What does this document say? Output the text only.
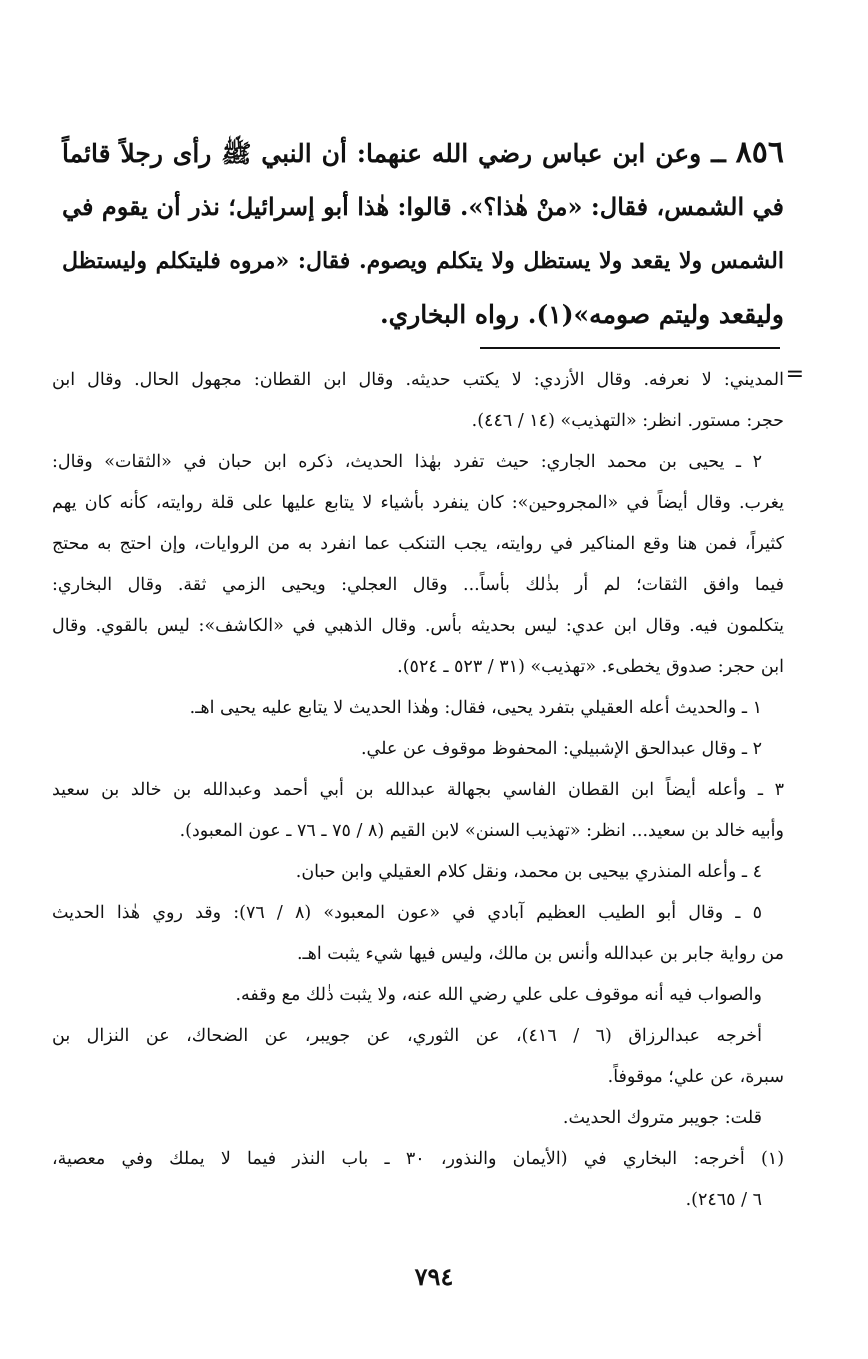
٨٥٦ ــ وعن ابن عباس رضي الله عنهما: أن النبي ﷺ رأى رجلاً قائماً
في الشمس، فقال: «منْ هٰذا؟». قالوا: هٰذا أبو إسرائيل؛ نذر أن يقوم في
الشمس ولا يقعد ولا يستظل ولا يتكلم ويصوم. فقال: «مروه فليتكلم وليستظل
وليقعد وليتم صومه»(١). رواه البخاري.
=
المديني: لا نعرفه. وقال الأزدي: لا يكتب حديثه. وقال ابن القطان: مجهول الحال. وقال ابن
حجر: مستور. انظر: «التهذيب» (١٤ / ٤٤٦).
٢ ـ يحيى بن محمد الجاري: حيث تفرد بهٰذا الحديث، ذكره ابن حبان في «الثقات» وقال:
يغرب. وقال أيضاً في «المجروحين»: كان ينفرد بأشياء لا يتابع عليها على قلة روايته، كأنه كان يهم
كثيراً، فمن هنا وقع المناكير في روايته، يجب التنكب عما انفرد به من الروايات، وإن احتج به محتج
فيما وافق الثقات؛ لم أر بذٰلك بأساً... وقال العجلي: ويحيى الزمي ثقة. وقال البخاري:
يتكلمون فيه. وقال ابن عدي: ليس بحديثه بأس. وقال الذهبي في «الكاشف»: ليس بالقوي. وقال
ابن حجر: صدوق يخطىء. «تهذيب» (٣١ / ٥٢٣ ـ ٥٢٤).
١ ـ والحديث أعله العقيلي بتفرد يحيى، فقال: وهٰذا الحديث لا يتابع عليه يحيى اهـ.
٢ ـ وقال عبدالحق الإشبيلي: المحفوظ موقوف عن علي.
٣ ـ وأعله أيضاً ابن القطان الفاسي بجهالة عبدالله بن أبي أحمد وعبدالله بن خالد بن سعيد
وأبيه خالد بن سعيد... انظر: «تهذيب السنن» لابن القيم (٨ / ٧٥ ـ ٧٦ ـ عون المعبود).
٤ ـ وأعله المنذري بيحيى بن محمد، ونقل كلام العقيلي وابن حبان.
٥ ـ وقال أبو الطيب العظيم آبادي في «عون المعبود» (٨ / ٧٦): وقد روي هٰذا الحديث
من رواية جابر بن عبدالله وأنس بن مالك، وليس فيها شيء يثبت اهـ.
والصواب فيه أنه موقوف على علي رضي الله عنه، ولا يثبت ذٰلك مع وقفه.
أخرجه عبدالرزاق (٦ / ٤١٦)، عن الثوري، عن جويبر، عن الضحاك، عن النزال بن
سبرة، عن علي؛ موقوفاً.
قلت: جويبر متروك الحديث.
(١) أخرجه: البخاري في (الأيمان والنذور، ٣٠ ـ باب النذر فيما لا يملك وفي معصية،
٦ / ٢٤٦٥).
٧٩٤
